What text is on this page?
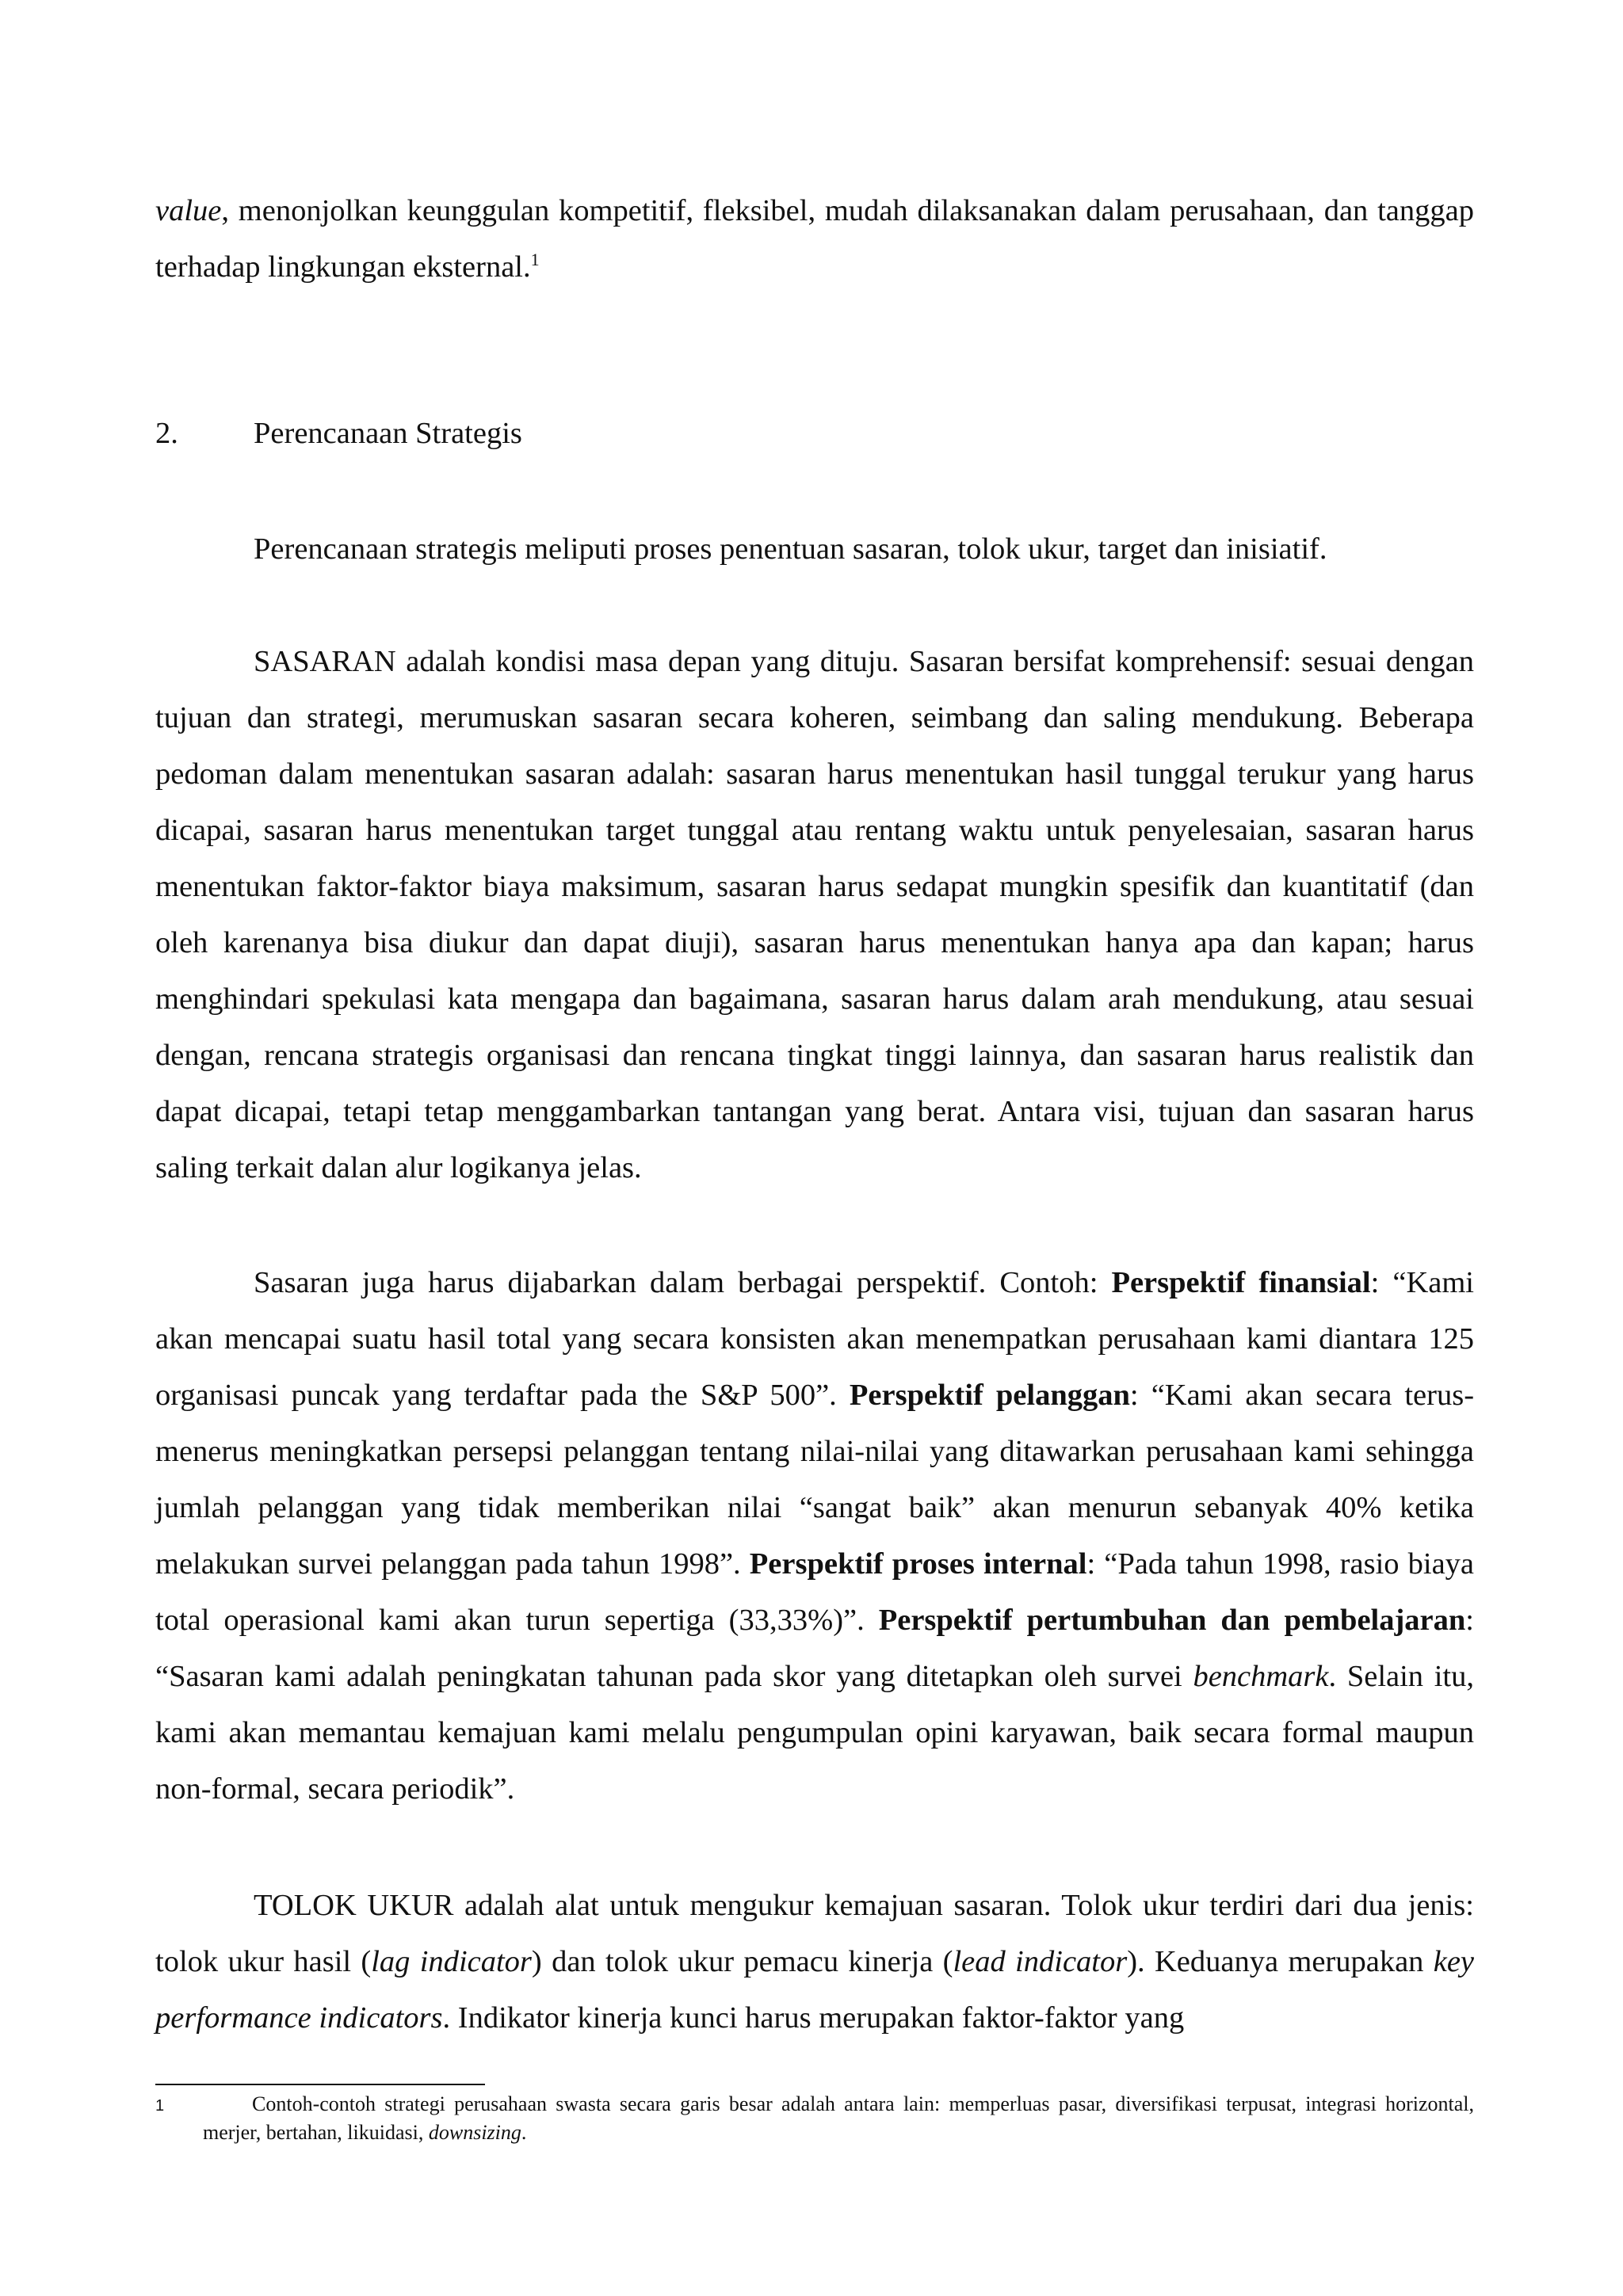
value, menonjolkan keunggulan kompetitif, fleksibel, mudah dilaksanakan dalam perusahaan, dan tanggap terhadap lingkungan eksternal.$^1$

2. Perencanaan Strategis

Perencanaan strategis meliputi proses penentuan sasaran, tolok ukur, target dan inisiatif.

SASARAN adalah kondisi masa depan yang dituju. Sasaran bersifat komprehensif: sesuai dengan tujuan dan strategi, merumuskan sasaran secara koheren, seimbang dan saling mendukung. Beberapa pedoman dalam menentukan sasaran adalah: sasaran harus menentukan hasil tunggal terukur yang harus dicapai, sasaran harus menentukan target tunggal atau rentang waktu untuk penyelesaian, sasaran harus menentukan faktor-faktor biaya maksimum, sasaran harus sedapat mungkin spesifik dan kuantitatif (dan oleh karenanya bisa diukur dan dapat diuji), sasaran harus menentukan hanya apa dan kapan; harus menghindari spekulasi kata mengapa dan bagaimana, sasaran harus dalam arah mendukung, atau sesuai dengan, rencana strategis organisasi dan rencana tingkat tinggi lainnya, dan sasaran harus realistik dan dapat dicapai, tetapi tetap menggambarkan tantangan yang berat. Antara visi, tujuan dan sasaran harus saling terkait dalan alur logikanya jelas.

Sasaran juga harus dijabarkan dalam berbagai perspektif. Contoh: Perspektif finansial: “Kami akan mencapai suatu hasil total yang secara konsisten akan menempatkan perusahaan kami diantara 125 organisasi puncak yang terdaftar pada the S&P 500”. Perspektif pelanggan: “Kami akan secara terus-menerus meningkatkan persepsi pelanggan tentang nilai-nilai yang ditawarkan perusahaan kami sehingga jumlah pelanggan yang tidak memberikan nilai “sangat baik” akan menurun sebanyak 40% ketika melakukan survei pelanggan pada tahun 1998”. Perspektif proses internal: “Pada tahun 1998, rasio biaya total operasional kami akan turun sepertiga (33,33%)”. Perspektif pertumbuhan dan pembelajaran: “Sasaran kami adalah peningkatan tahunan pada skor yang ditetapkan oleh survei benchmark. Selain itu, kami akan memantau kemajuan kami melalu pengumpulan opini karyawan, baik secara formal maupun non-formal, secara periodik”.

TOLOK UKUR adalah alat untuk mengukur kemajuan sasaran. Tolok ukur terdiri dari dua jenis: tolok ukur hasil (lag indicator) dan tolok ukur pemacu kinerja (lead indicator). Keduanya merupakan key performance indicators. Indikator kinerja kunci harus merupakan faktor-faktor yang

1	Contoh-contoh strategi perusahaan swasta secara garis besar adalah antara lain: memperluas pasar, diversifikasi terpusat, integrasi horizontal, merjer, bertahan, likuidasi, downsizing.
